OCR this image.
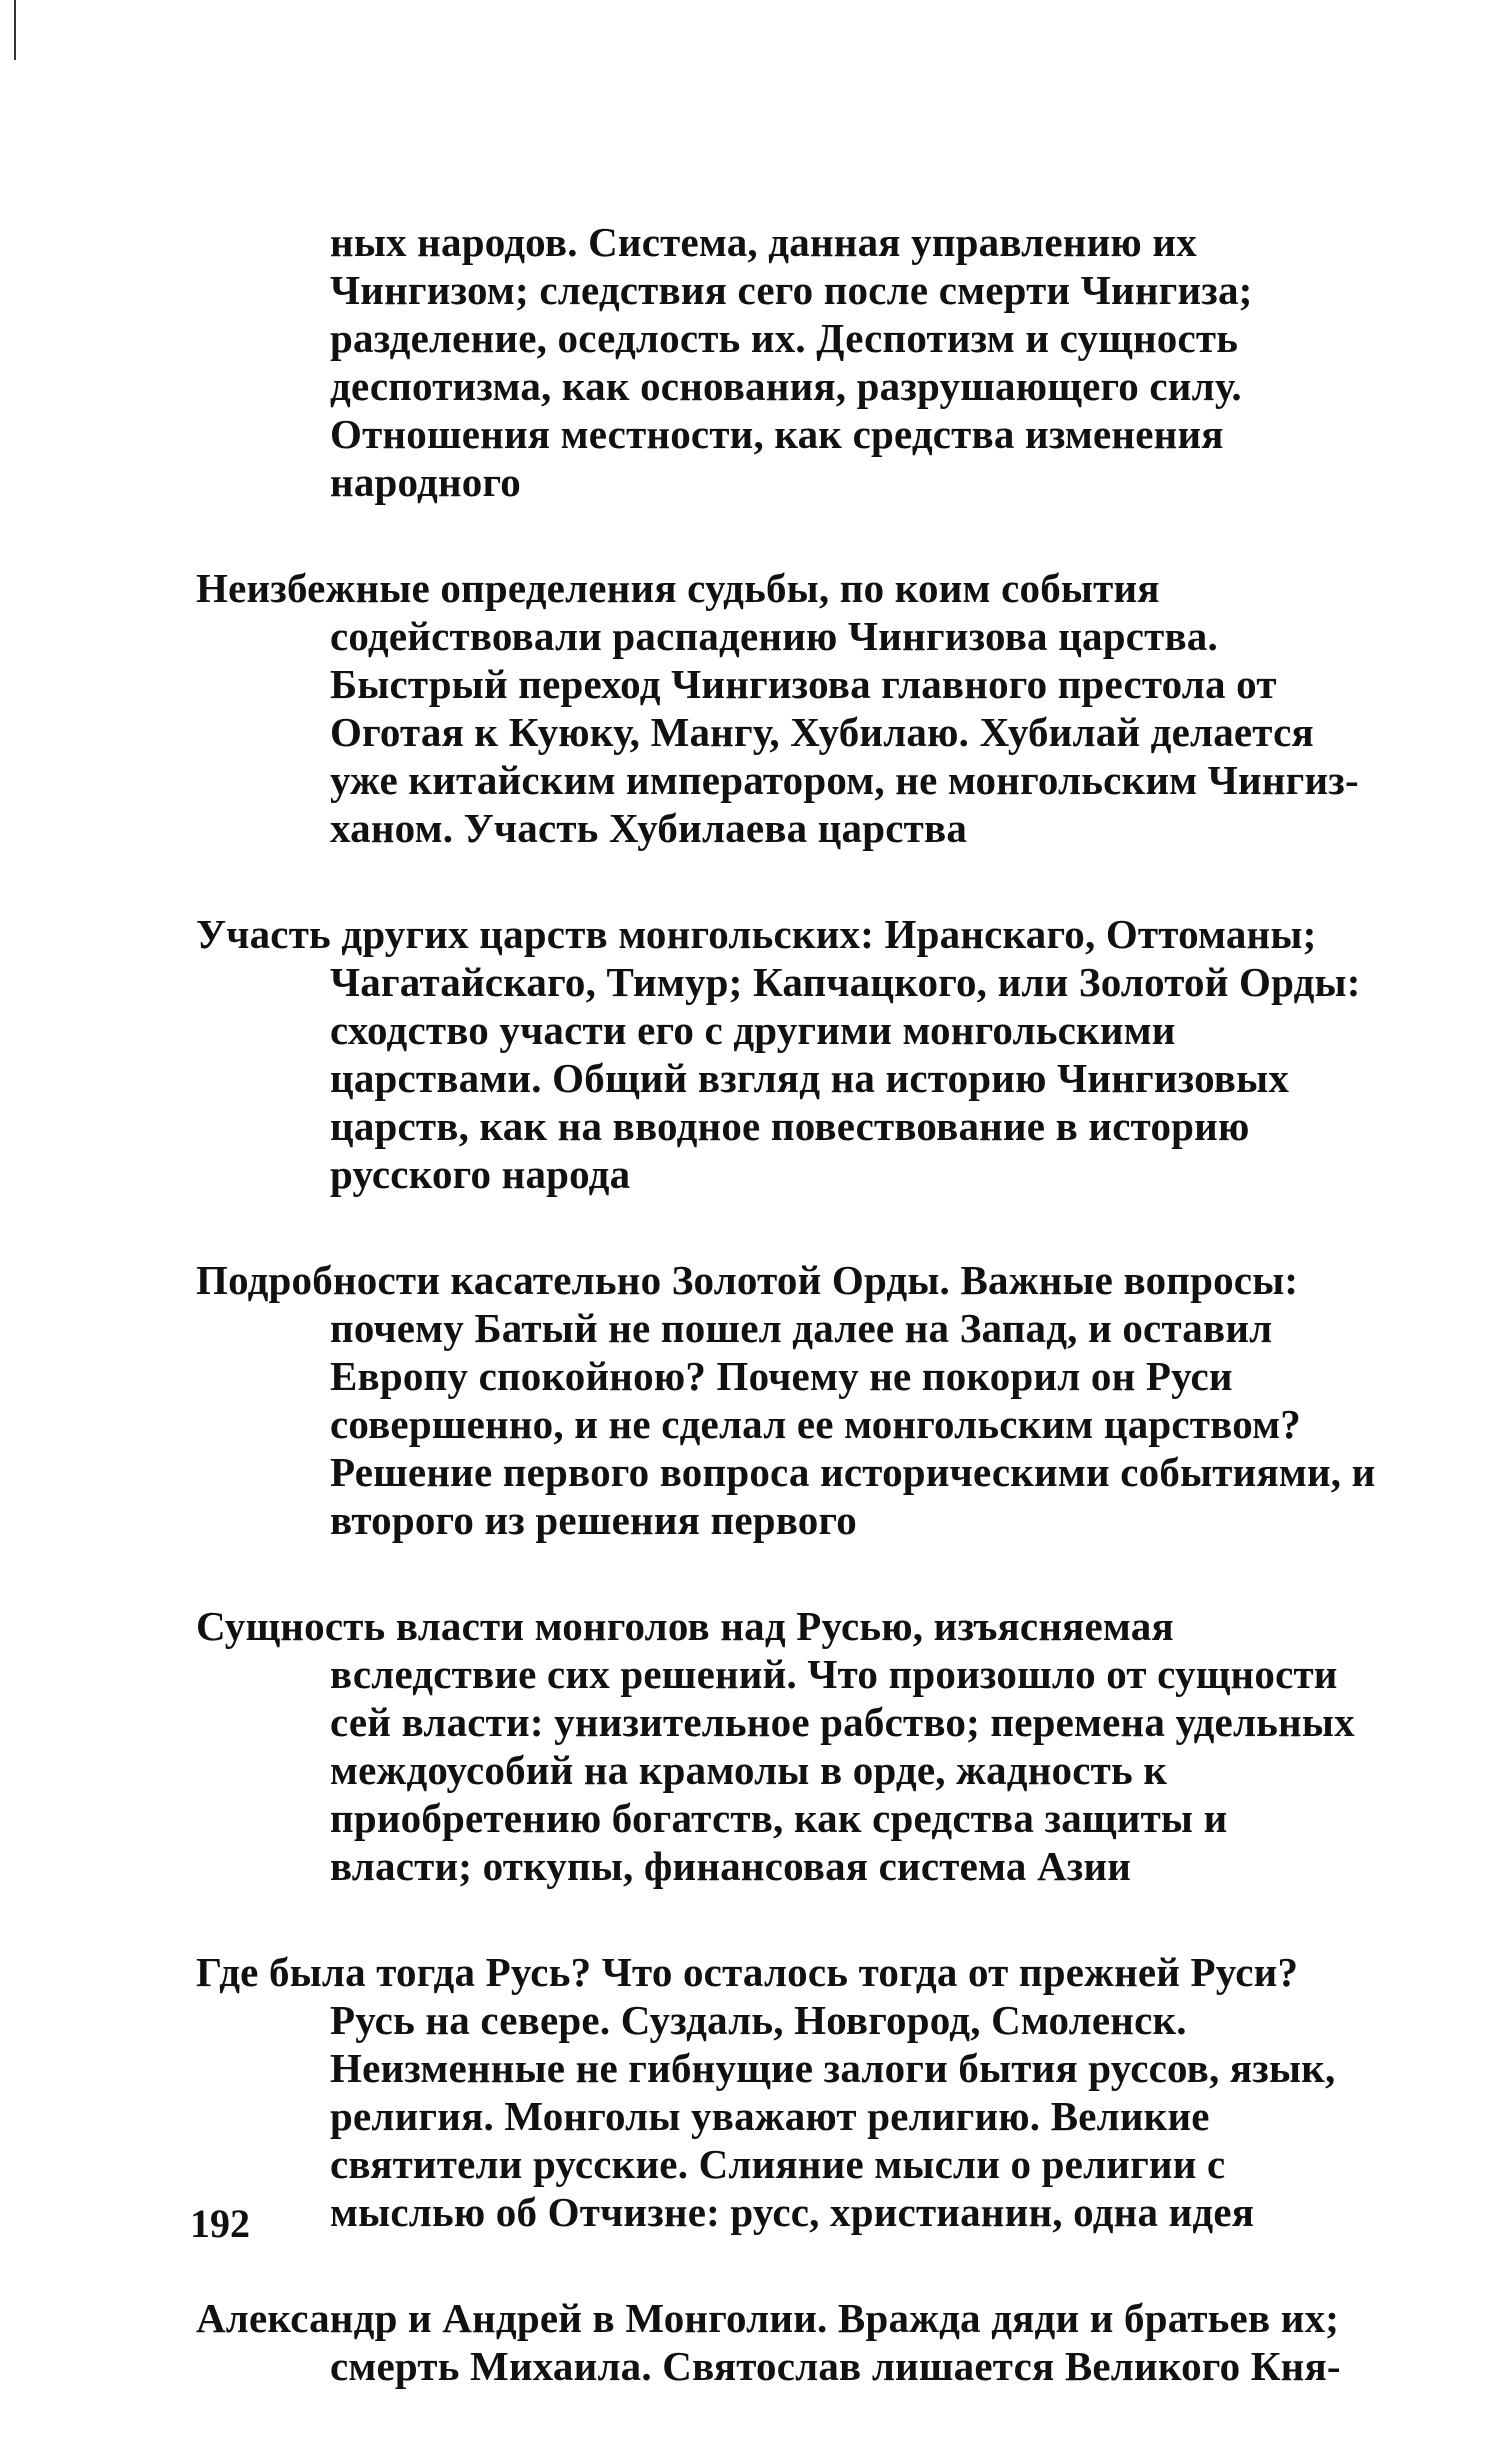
ных народов. Система, данная управлению их Чингизом; следствия сего после смерти Чингиза; разделение, оседлость их. Деспотизм и сущность деспотизма, как основания, разрушающего силу. Отношения местности, как средства изменения народного

Неизбежные определения судьбы, по коим события содействовали распадению Чингизова царства. Быстрый переход Чингизова главного престола от Оготая к Куюку, Мангу, Хубилаю. Хубилай делается уже китайским императором, не монгольским Чингиз-ханом. Участь Хубилаева царства

Участь других царств монгольских: Иранскаго, Оттоманы; Чагатайскаго, Тимур; Капчацкого, или Золотой Орды: сходство участи его с другими монгольскими царствами. Общий взгляд на историю Чингизовых царств, как на вводное повествование в историю русского народа

Подробности касательно Золотой Орды. Важные вопросы: почему Батый не пошел далее на Запад, и оставил Европу спокойною? Почему не покорил он Руси совершенно, и не сделал ее монгольским царством? Решение первого вопроса историческими событиями, и второго из решения первого

Сущность власти монголов над Русью, изъясняемая вследствие сих решений. Что произошло от сущности сей власти: унизительное рабство; перемена удельных междоусобий на крамолы в орде, жадность к приобретению богатств, как средства защиты и власти; откупы, финансовая система Азии

Где была тогда Русь? Что осталось тогда от прежней Руси? Русь на севере. Суздаль, Новгород, Смоленск. Неизменные не гибнущие залоги бытия руссов, язык, религия. Монголы уважают религию. Великие святители русские. Слияние мысли о религии с мыслью об Отчизне: русс, христианин, одна идея

Александр и Андрей в Монголии. Вражда дяди и братьев их; смерть Михаила. Святослав лишается Великого Кня-

192
